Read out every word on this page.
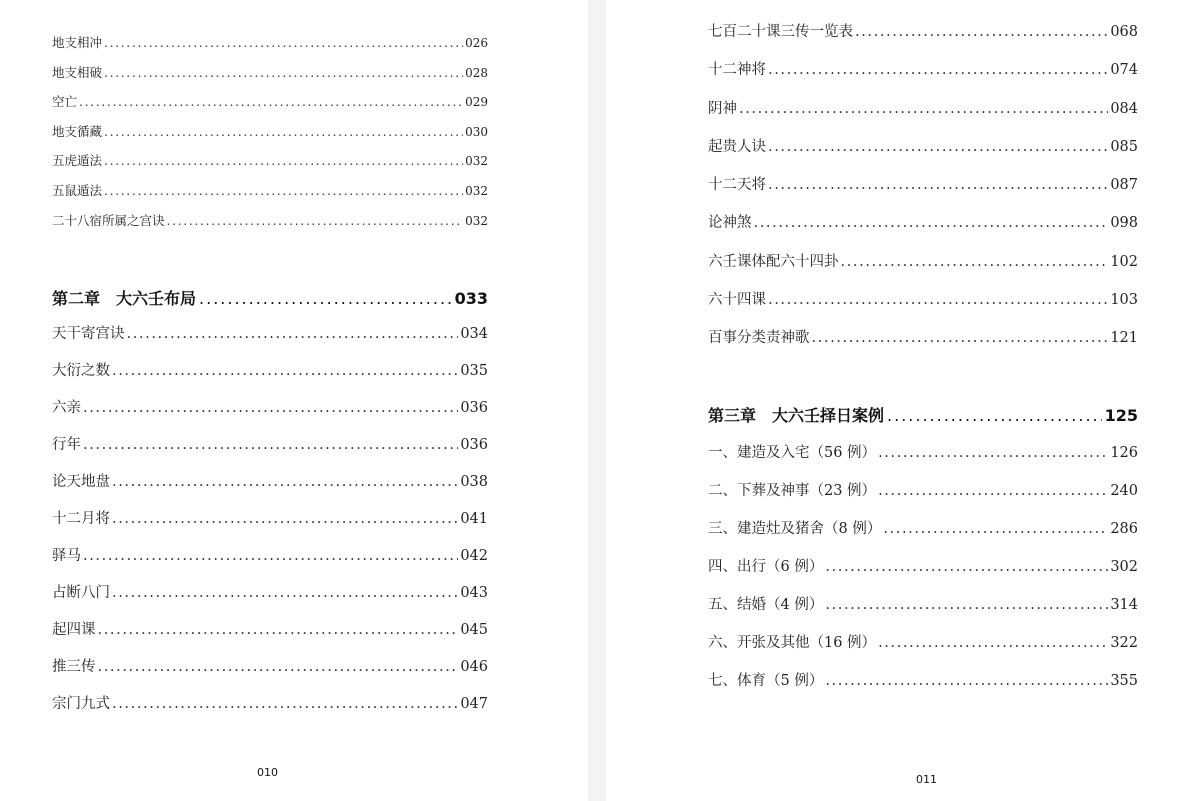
地支相冲 .....	026
地支相破 .....	028
空亡 .....	029
地支循藏 .....	030
五虎遁法 .....	032
五鼠遁法 .....	032
二十八宿所属之宫诀 .....	032
第二章 大六壬布局 .....	033
天干寄宫诀 .....	034
大衍之数 .....	035
六亲 .....	036
行年 .....	036
论天地盘 .....	038
十二月将 .....	041
驿马 .....	042
占断八门 .....	043
起四课 .....	045
推三传 .....	046
宗门九式 .....	047
010
七百二十课三传一览表 .....	068
十二神将 .....	074
阴神 .....	084
起贵人诀 .....	085
十二天将 .....	087
论神煞 .....	098
六壬课体配六十四卦 .....	102
六十四课 .....	103
百事分类责神歌 .....	121
第三章 大六壬择日案例 .....	125
一、建造及入宅（56 例） .....	126
二、下葬及神事（23 例） .....	240
三、建造灶及猪舍（8 例） .....	286
四、出行（6 例） .....	302
五、结婚（4 例） .....	314
六、开张及其他（16 例） .....	322
七、体育（5 例） .....	355
011
